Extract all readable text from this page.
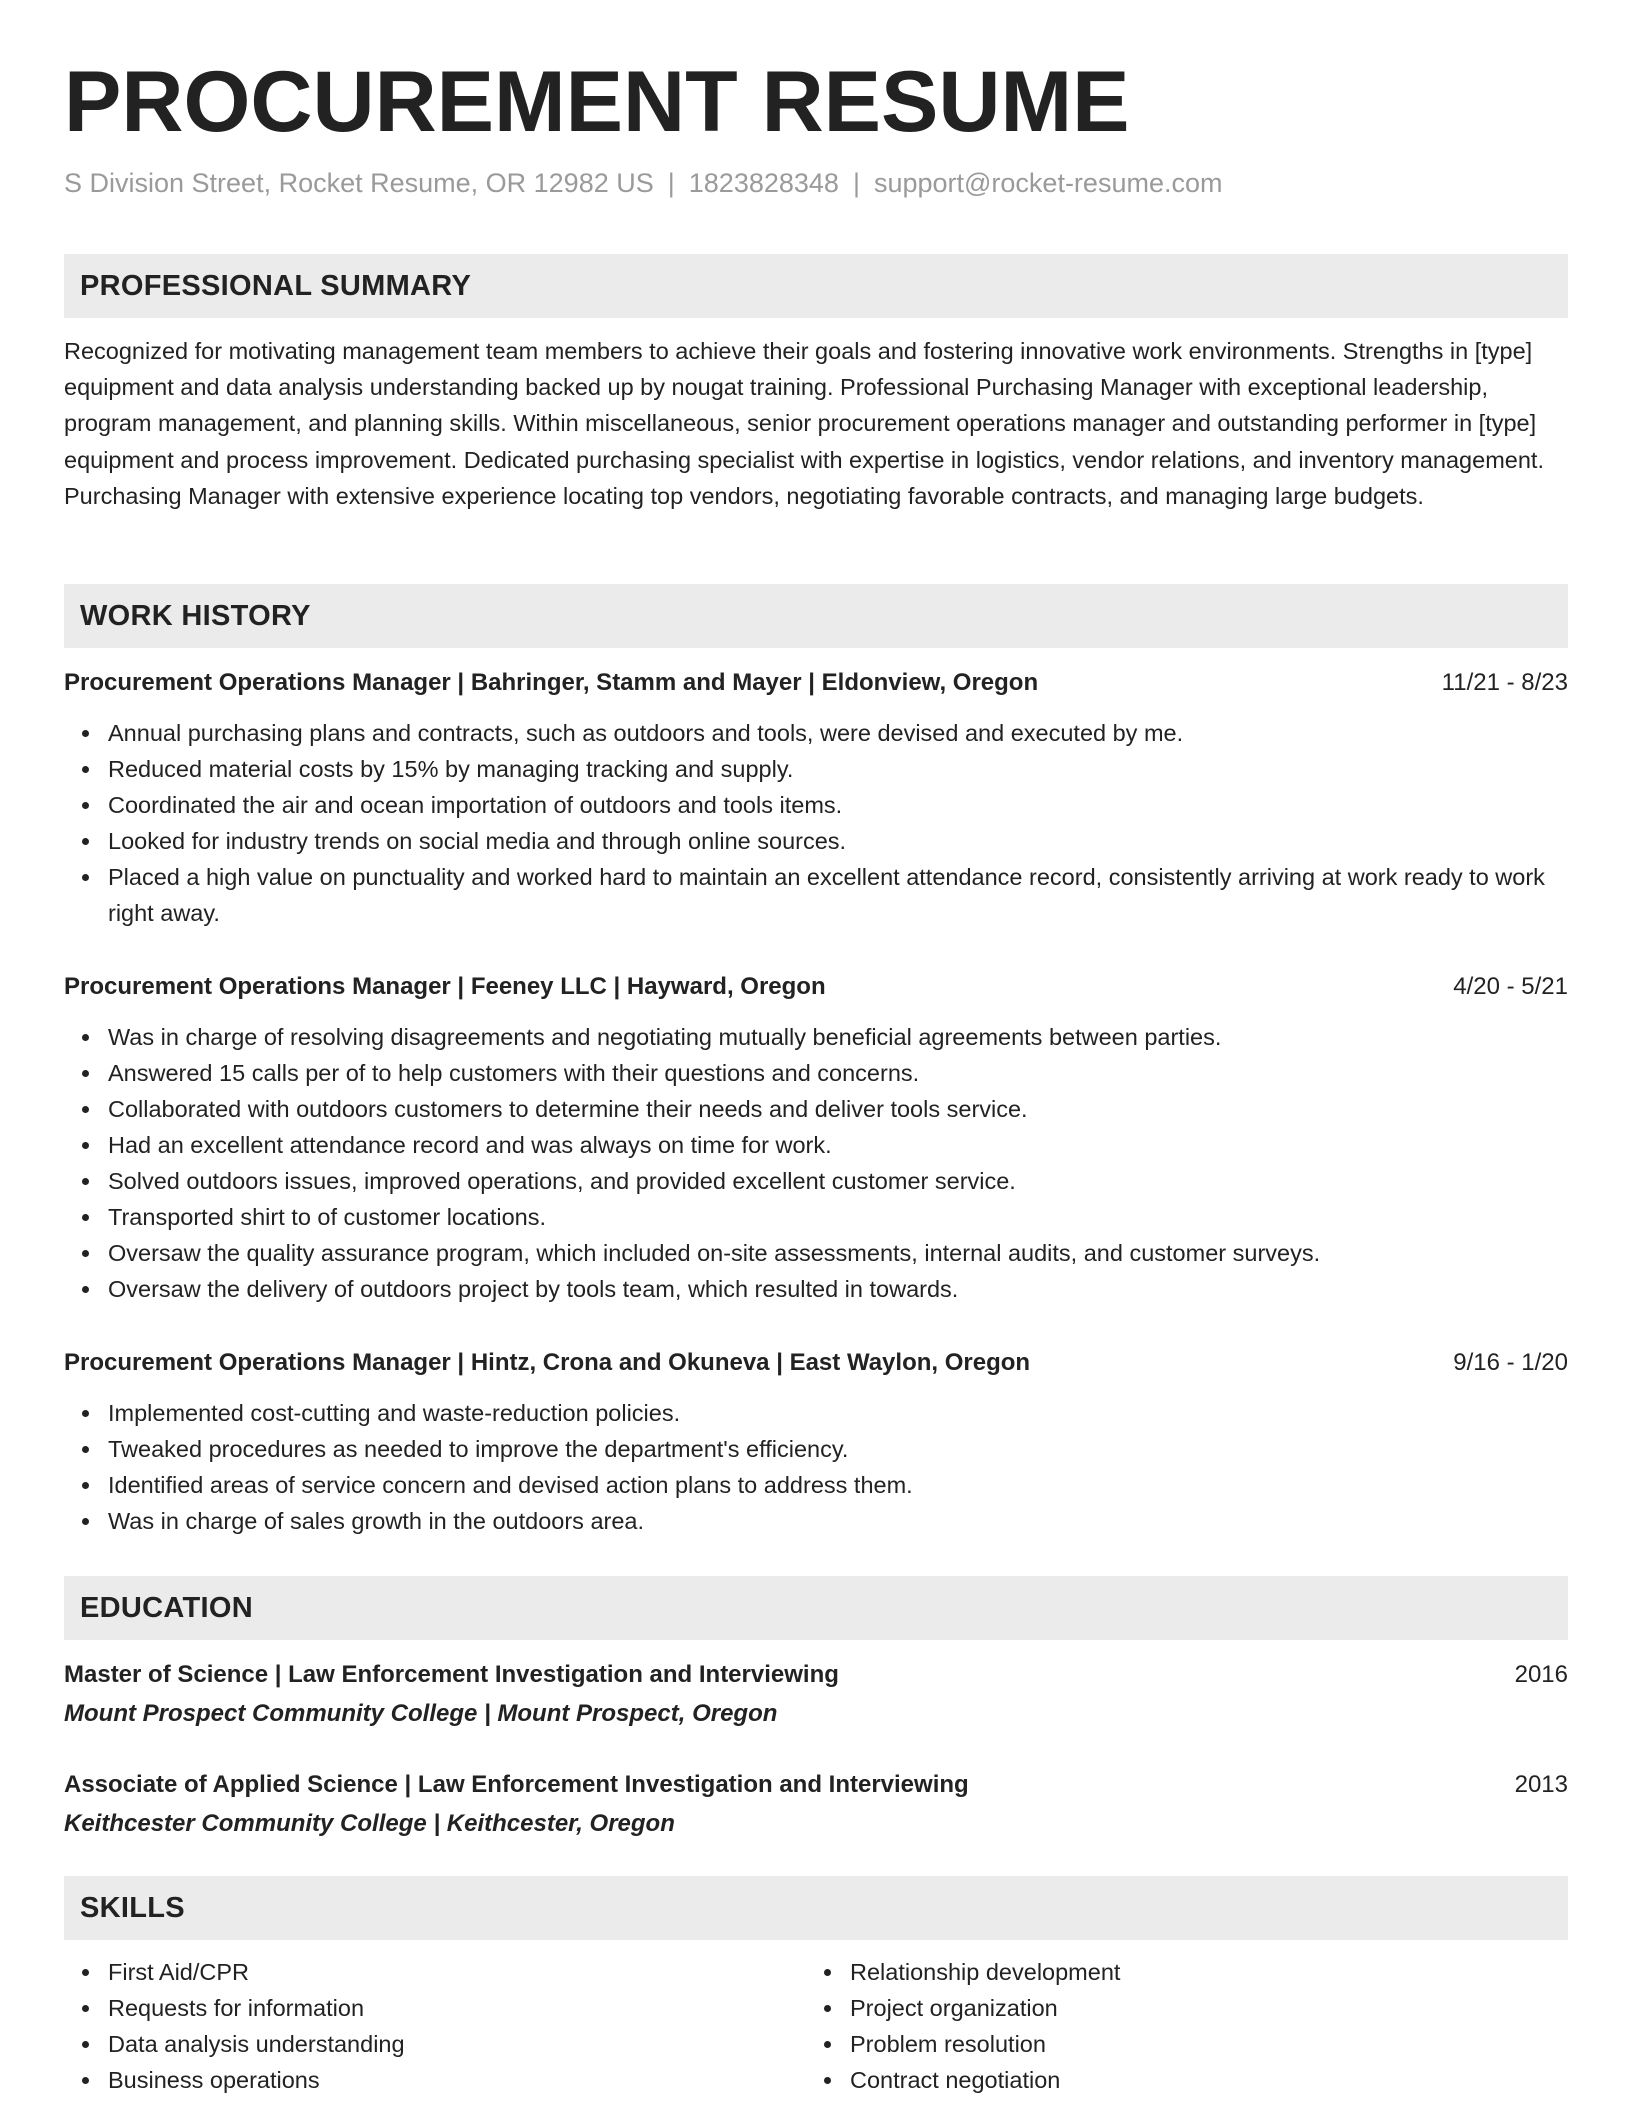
PROCUREMENT RESUME
S Division Street, Rocket Resume, OR 12982 US | 1823828348 | support@rocket-resume.com
PROFESSIONAL SUMMARY

Recognized for motivating management team members to achieve their goals and fostering innovative work environments. Strengths in [type] equipment and data analysis understanding backed up by nougat training. Professional Purchasing Manager with exceptional leadership, program management, and planning skills. Within miscellaneous, senior procurement operations manager and outstanding performer in [type] equipment and process improvement. Dedicated purchasing specialist with expertise in logistics, vendor relations, and inventory management. Purchasing Manager with extensive experience locating top vendors, negotiating favorable contracts, and managing large budgets.

WORK HISTORY
Procurement Operations Manager | Bahringer, Stamm and Mayer | Eldonview, Oregon	11/21 - 8/23
Annual purchasing plans and contracts, such as outdoors and tools, were devised and executed by me.
Reduced material costs by 15% by managing tracking and supply.
Coordinated the air and ocean importation of outdoors and tools items.
Looked for industry trends on social media and through online sources.
Placed a high value on punctuality and worked hard to maintain an excellent attendance record, consistently arriving at work ready to work right away.
Procurement Operations Manager | Feeney LLC | Hayward, Oregon	4/20 - 5/21
Was in charge of resolving disagreements and negotiating mutually beneficial agreements between parties.
Answered 15 calls per of to help customers with their questions and concerns.
Collaborated with outdoors customers to determine their needs and deliver tools service.
Had an excellent attendance record and was always on time for work.
Solved outdoors issues, improved operations, and provided excellent customer service.
Transported shirt to of customer locations.
Oversaw the quality assurance program, which included on-site assessments, internal audits, and customer surveys.
Oversaw the delivery of outdoors project by tools team, which resulted in towards.
Procurement Operations Manager | Hintz, Crona and Okuneva | East Waylon, Oregon	9/16 - 1/20
Implemented cost-cutting and waste-reduction policies.
Tweaked procedures as needed to improve the department's efficiency.
Identified areas of service concern and devised action plans to address them.
Was in charge of sales growth in the outdoors area.
EDUCATION
Master of Science | Law Enforcement Investigation and Interviewing	2016
Mount Prospect Community College | Mount Prospect, Oregon
Associate of Applied Science | Law Enforcement Investigation and Interviewing	2013
Keithcester Community College | Keithcester, Oregon
SKILLS
First Aid/CPR
Requests for information
Data analysis understanding
Business operations
Relationship development
Project organization
Problem resolution
Contract negotiation
